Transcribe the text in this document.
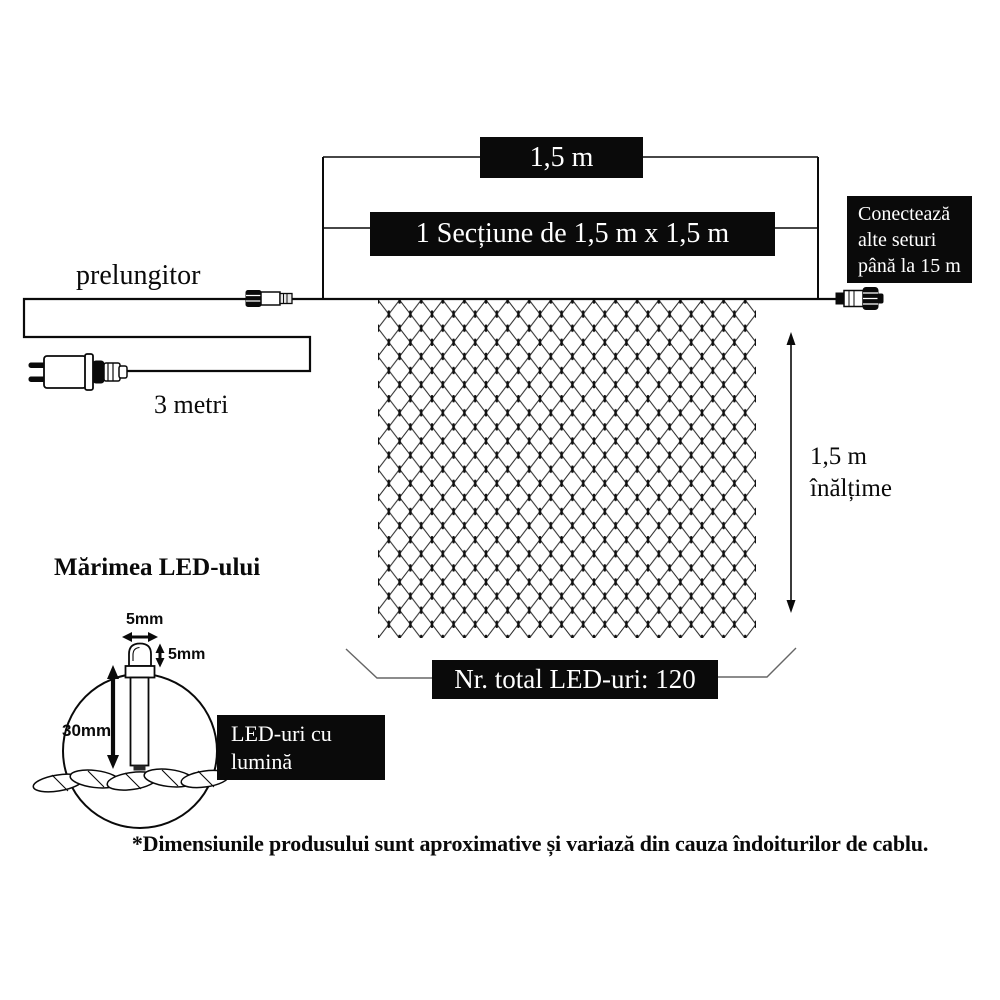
1,5 m
1 Secțiune de 1,5 m x 1,5 m
Conectează
alte seturi
până la 15 m
Nr. total LED-uri: 120
LED-uri cu lumină
puternică
prelungitor
3 metri
1,5 m
înălțime
Mărimea LED-ului
5mm
5mm
30mm
*Dimensiunile produsului sunt aproximative și variază din cauza îndoiturilor de cablu.
